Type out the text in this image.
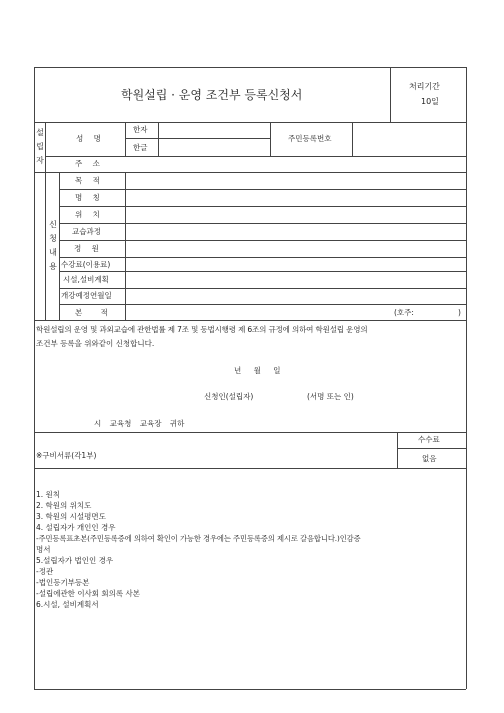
학원설립 · 운영 조건부 등록신청서
처리기간
10일
설립자
성 명
한자
한글
주민등록번호
주 소
신청내용
목 적
명 칭
위 치
교습과정
정 원
수강료(이용료)
시설,설비계획
개강예정연월일
본 적	(호주:	)
학원설립의 운영 및 과외교습에 관한법률 제 7조 및 동법시행령 제 6조의 규정에 의하여 학원설립 운영의
조건부 등록을 위와같이 신청합니다.
년 월 일
신청인(설립자)	(서명 또는 인)
시 교육청 교육장 귀하
※구비서류(각1부)
수수료
없음
1. 원칙
2. 학원의 위치도
3. 학원의 시설평면도
4. 설립자가 개인인 경우
-주민등록표초본(주민등록증에 의하여 확인이 가능한 경우에는 주민등록증의 제시로 갈음합니다.)인감증
명서
5.설립자가 법인인 경우
-정관
-법인등기부등본
-설립에관한 이사회 회의록 사본
6.시설, 설비계획서
